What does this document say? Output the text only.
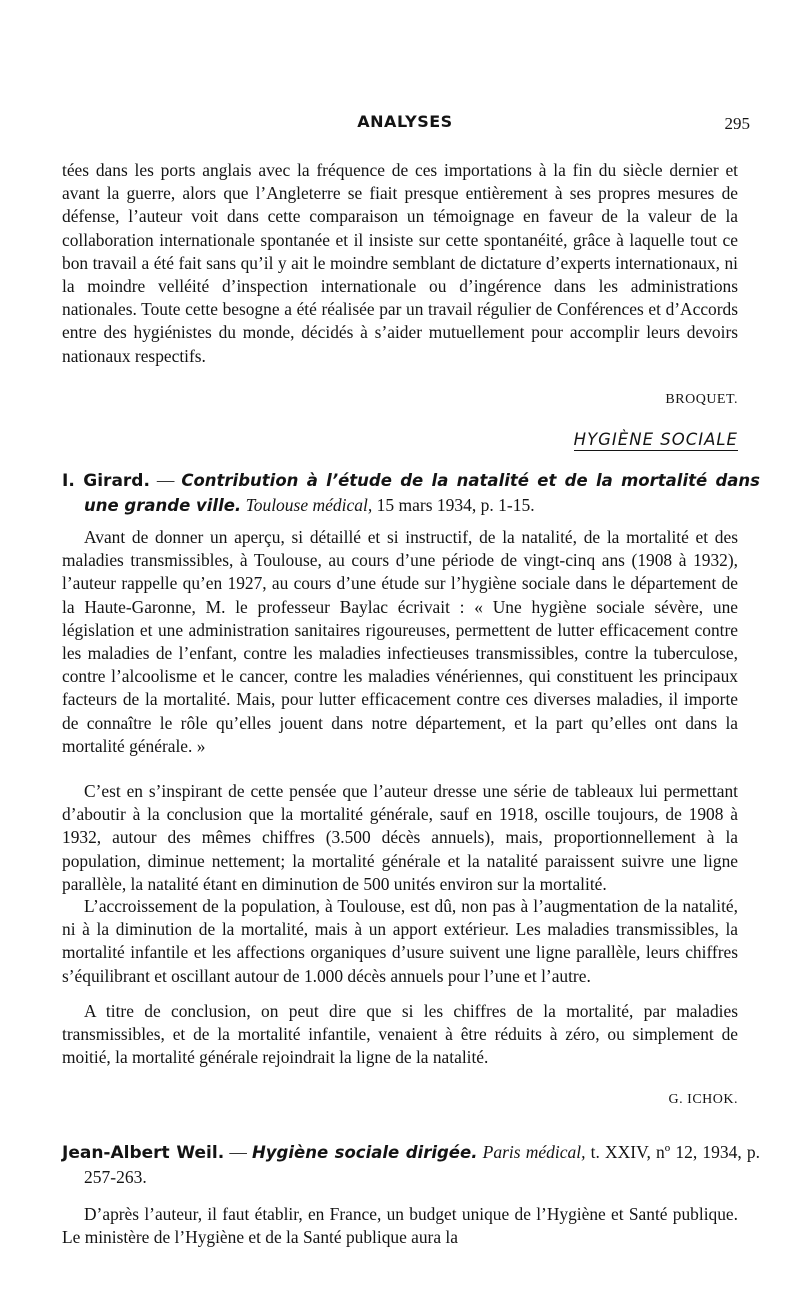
ANALYSES	295

tées dans les ports anglais avec la fréquence de ces importations à la fin du siècle dernier et avant la guerre, alors que l’Angleterre se fiait presque entièrement à ses propres mesures de défense, l’auteur voit dans cette comparaison un témoignage en faveur de la valeur de la collaboration internationale spontanée et il insiste sur cette spontanéité, grâce à laquelle tout ce bon travail a été fait sans qu’il y ait le moindre semblant de dictature d’experts internationaux, ni la moindre velléité d’inspection internationale ou d’ingérence dans les administrations nationales. Toute cette besogne a été réalisée par un travail régulier de Conférences et d’Accords entre des hygiénistes du monde, décidés à s’aider mutuellement pour accomplir leurs devoirs nationaux respectifs.

BROQUET.
HYGIÈNE SOCIALE

I. Girard. — Contribution à l’étude de la natalité et de la mortalité dans une grande ville. Toulouse médical, 15 mars 1934, p. 1-15.

Avant de donner un aperçu, si détaillé et si instructif, de la natalité, de la mortalité et des maladies transmissibles, à Toulouse, au cours d’une période de vingt-cinq ans (1908 à 1932), l’auteur rappelle qu’en 1927, au cours d’une étude sur l’hygiène sociale dans le département de la Haute-Garonne, M. le professeur Baylac écrivait : « Une hygiène sociale sévère, une législation et une administration sanitaires rigoureuses, permettent de lutter efficacement contre les maladies de l’enfant, contre les maladies infectieuses transmissibles, contre la tuberculose, contre l’alcoolisme et le cancer, contre les maladies vénériennes, qui constituent les principaux facteurs de la mortalité. Mais, pour lutter efficacement contre ces diverses maladies, il importe de connaître le rôle qu’elles jouent dans notre département, et la part qu’elles ont dans la mortalité générale. »

C’est en s’inspirant de cette pensée que l’auteur dresse une série de tableaux lui permettant d’aboutir à la conclusion que la mortalité générale, sauf en 1918, oscille toujours, de 1908 à 1932, autour des mêmes chiffres (3.500 décès annuels), mais, proportionnellement à la population, diminue nettement; la mortalité générale et la natalité paraissent suivre une ligne parallèle, la natalité étant en diminution de 500 unités environ sur la mortalité.

L’accroissement de la population, à Toulouse, est dû, non pas à l’augmentation de la natalité, ni à la diminution de la mortalité, mais à un apport extérieur. Les maladies transmissibles, la mortalité infantile et les affections organiques d’usure suivent une ligne parallèle, leurs chiffres s’équilibrant et oscillant autour de 1.000 décès annuels pour l’une et l’autre.

A titre de conclusion, on peut dire que si les chiffres de la mortalité, par maladies transmissibles, et de la mortalité infantile, venaient à être réduits à zéro, ou simplement de moitié, la mortalité générale rejoindrait la ligne de la natalité.

G. ICHOK.

Jean-Albert Weil. — Hygiène sociale dirigée. Paris médical, t. XXIV, nº 12, 1934, p. 257-263.

D’après l’auteur, il faut établir, en France, un budget unique de l’Hygiène et Santé publique. Le ministère de l’Hygiène et de la Santé publique aura la
